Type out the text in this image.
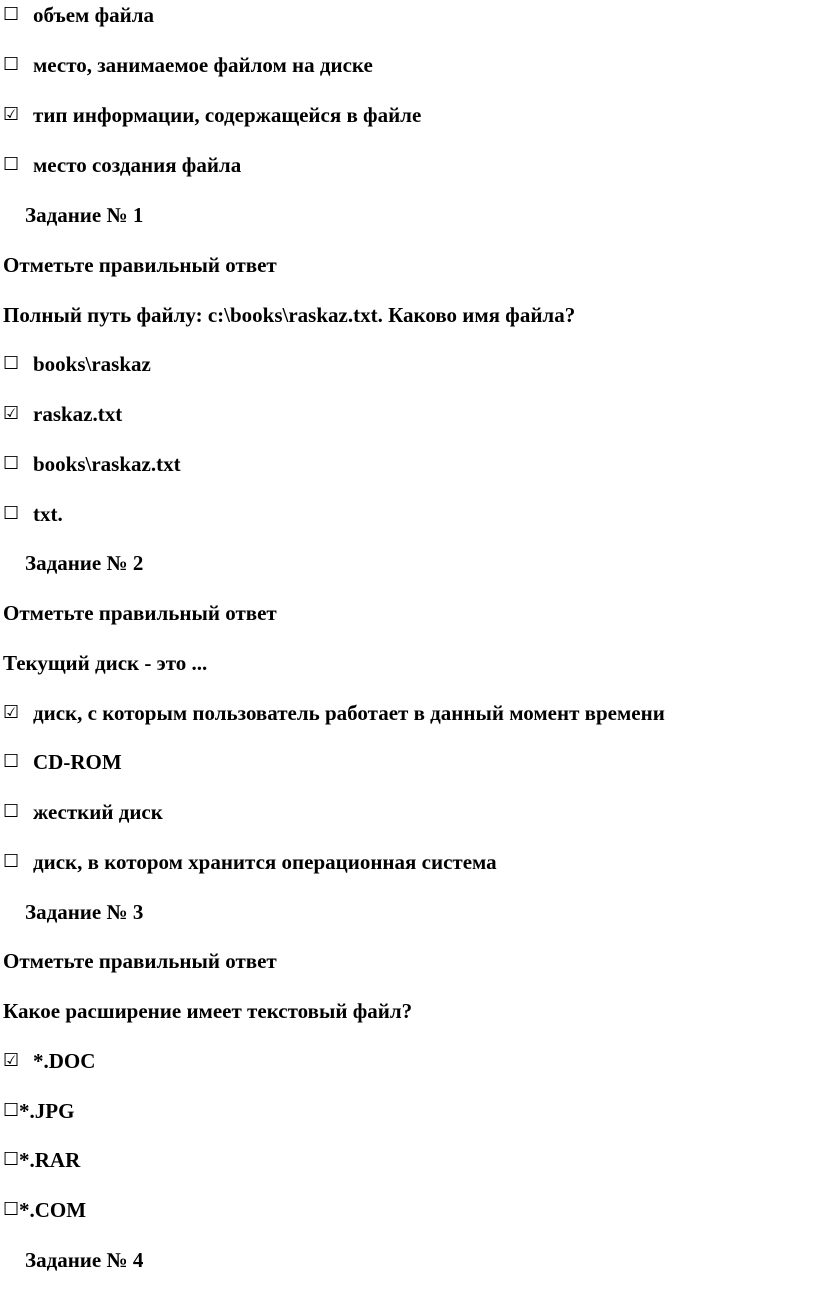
☐ объем файла
☐ место, занимаемое файлом на диске
☑ тип информации, содержащейся в файле
☐ место создания файла
Задание № 1
Отметьте правильный ответ
Полный путь файлу: c:\books\raskaz.txt. Каково имя файла?
☐ books\raskaz
☑ raskaz.txt
☐ books\raskaz.txt
☐ txt.
Задание № 2
Отметьте правильный ответ
Текущий диск - это ...
☑ диск, с которым пользователь работает в данный момент времени
☐ CD-ROM
☐ жесткий диск
☐ диск, в котором хранится операционная система
Задание № 3
Отметьте правильный ответ
Какое расширение имеет текстовый файл?
☑ *.DOC
☐ *.JPG
☐ *.RAR
☐ *.COM
Задание № 4
